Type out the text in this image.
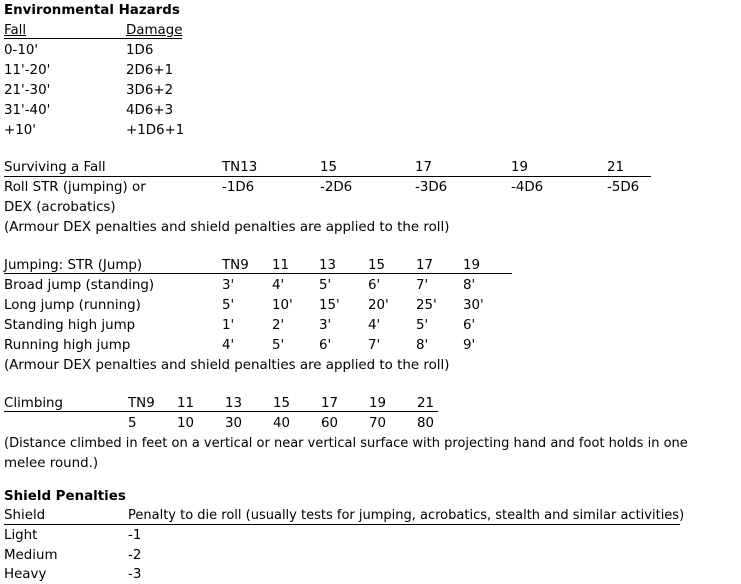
Environmental Hazards
Fall	Damage
0-10'	1D6
11'-20'	2D6+1
21'-30'	3D6+2
31'-40'	4D6+3
+10'	+1D6+1
Surviving a Fall	TN13	15	17	19	21
Roll STR (jumping) or	-1D6	-2D6	-3D6	-4D6	-5D6
DEX (acrobatics)
(Armour DEX penalties and shield penalties are applied to the roll)
Jumping: STR (Jump)	TN9 11 13 15 17 19
Broad jump (standing)	3'	4'	5'	6'	7'	8'
Long jump (running)	5'	10' 15' 20' 25' 30'
Standing high jump	1'	2'	3'	4'	5'	6'
Running high jump	4'	5'	6'	7'	8'	9'
(Armour DEX penalties and shield penalties are applied to the roll)
Climbing	TN9 11 13 15 17 19 21
5	10 30 40 60 70 80
(Distance climbed in feet on a vertical or near vertical surface with projecting hand and foot holds in one
melee round.)
Shield Penalties
Shield	Penalty to die roll (usually tests for jumping, acrobatics, stealth and similar activities)
Light	-1
Medium	-2
Heavy	-3
